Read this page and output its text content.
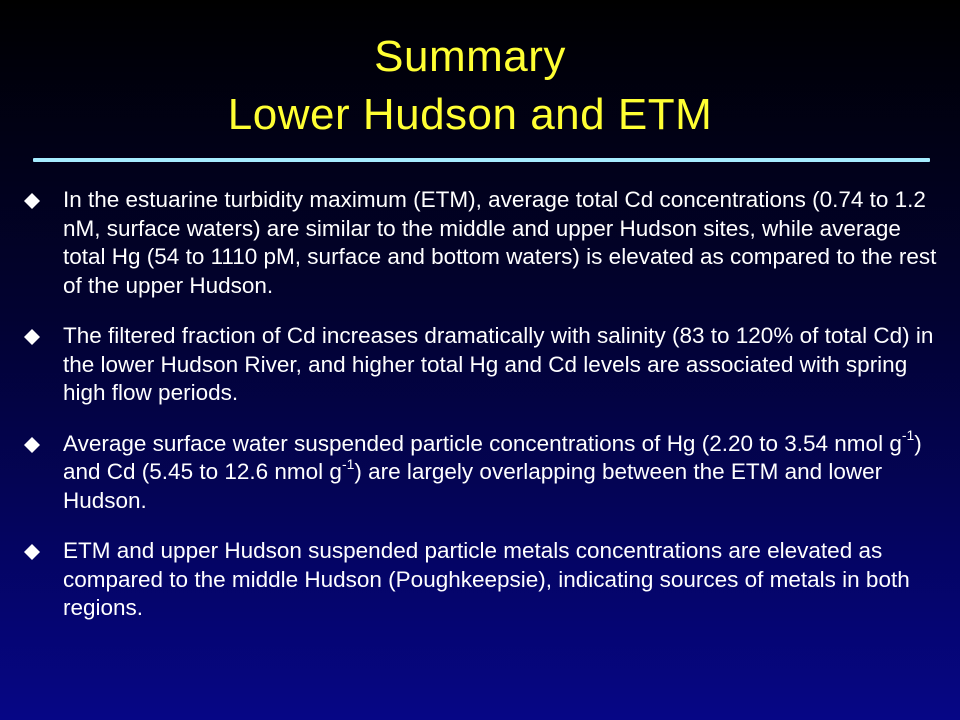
Summary
Lower Hudson and ETM
In the estuarine turbidity maximum (ETM), average total Cd concentrations (0.74 to 1.2 nM, surface waters) are similar to the middle and upper Hudson sites, while average total Hg (54 to 1110 pM, surface and bottom waters) is elevated as compared to the rest of the upper Hudson.
The filtered fraction of Cd increases dramatically with salinity (83 to 120% of total Cd) in the lower Hudson River, and higher total Hg and Cd levels are associated with spring high flow periods.
Average surface water suspended particle concentrations of Hg (2.20 to 3.54 nmol $g^{-1}$) and Cd (5.45 to 12.6 nmol $g^{-1}$) are largely overlapping between the ETM and lower Hudson.
ETM and upper Hudson suspended particle metals concentrations are elevated as compared to the middle Hudson (Poughkeepsie), indicating sources of metals in both regions.
